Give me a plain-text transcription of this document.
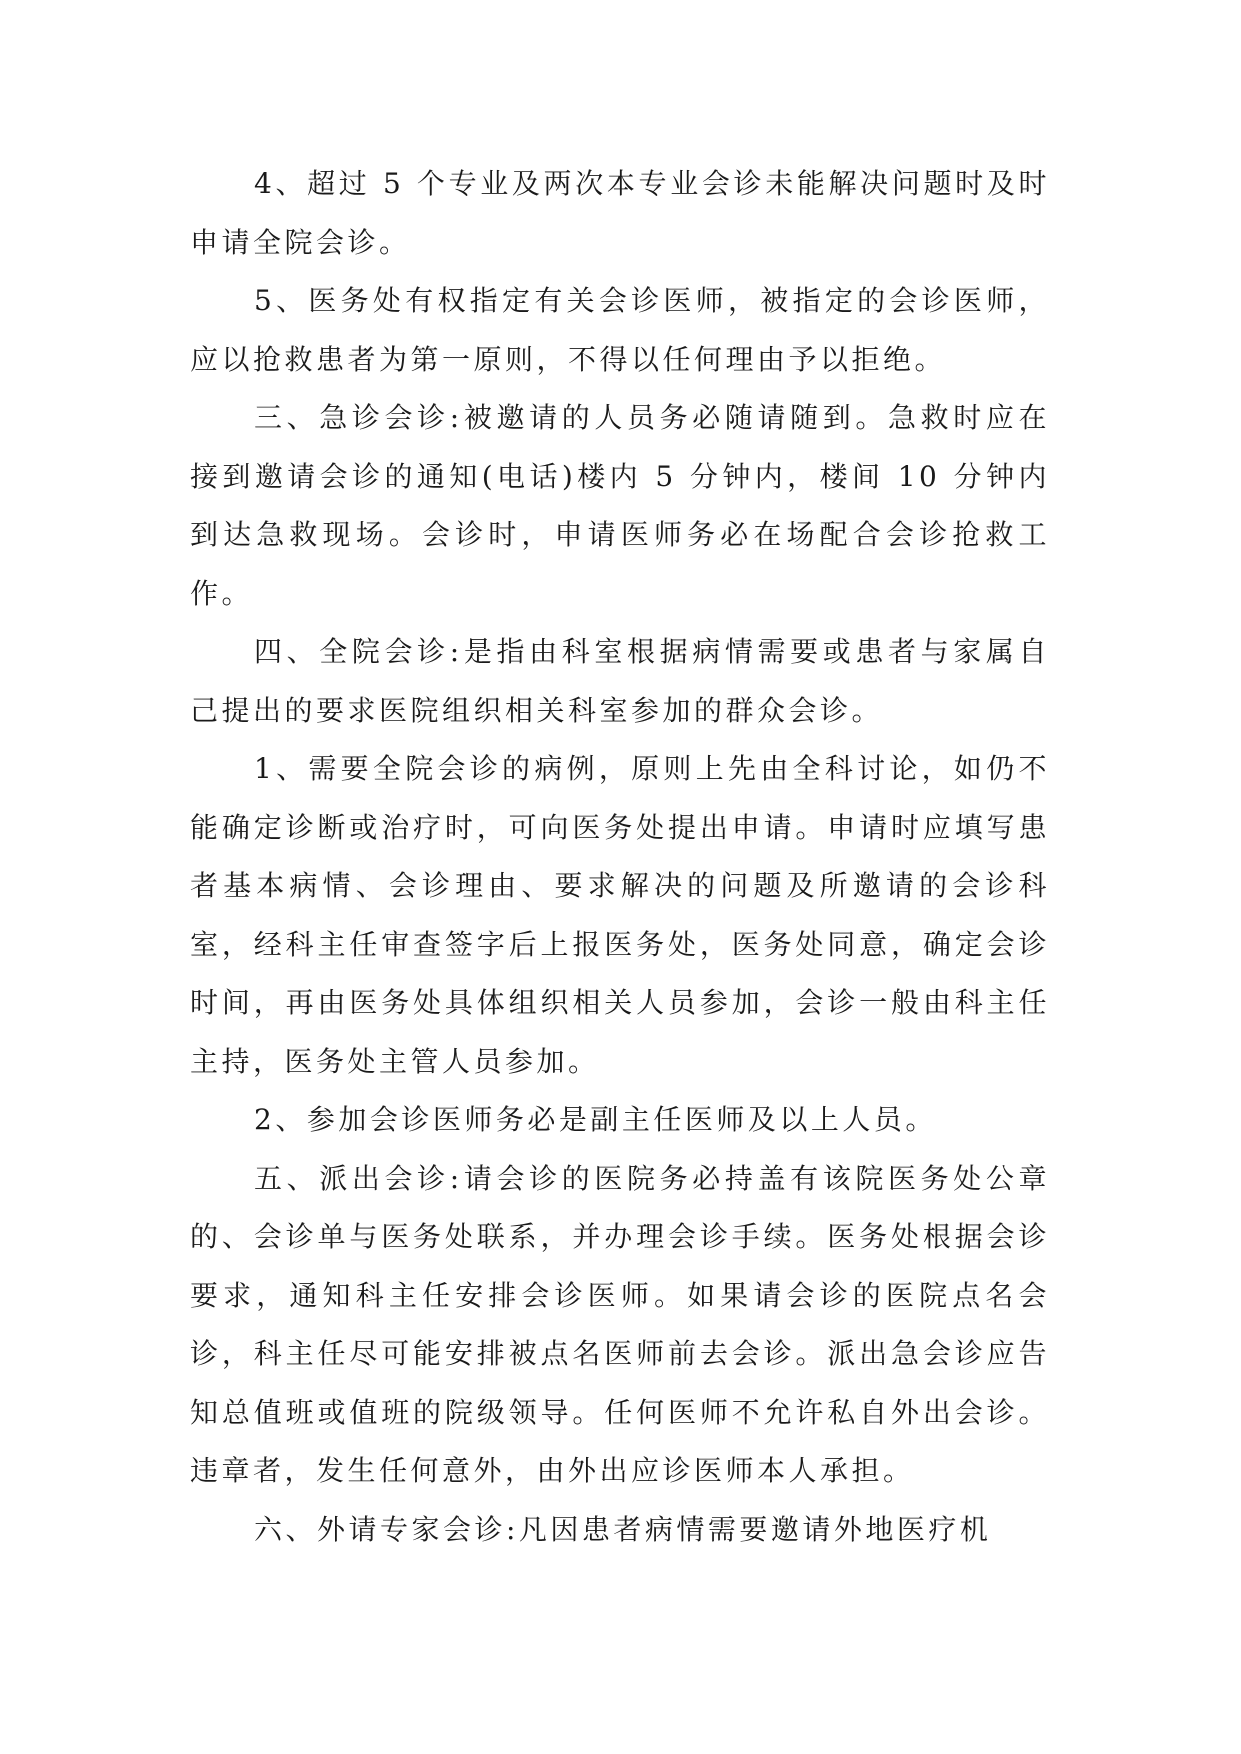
4、超过 5 个专业及两次本专业会诊未能解决问题时及时申请全院会诊。

5、医务处有权指定有关会诊医师，被指定的会诊医师，应以抢救患者为第一原则，不得以任何理由予以拒绝。

三、急诊会诊:被邀请的人员务必随请随到。急救时应在接到邀请会诊的通知(电话)楼内 5 分钟内，楼间 10 分钟内到达急救现场。会诊时，申请医师务必在场配合会诊抢救工作。

四、全院会诊:是指由科室根据病情需要或患者与家属自己提出的要求医院组织相关科室参加的群众会诊。

1、需要全院会诊的病例，原则上先由全科讨论，如仍不能确定诊断或治疗时，可向医务处提出申请。申请时应填写患者基本病情、会诊理由、要求解决的问题及所邀请的会诊科室，经科主任审查签字后上报医务处，医务处同意，确定会诊时间，再由医务处具体组织相关人员参加，会诊一般由科主任主持，医务处主管人员参加。

2、参加会诊医师务必是副主任医师及以上人员。

五、派出会诊:请会诊的医院务必持盖有该院医务处公章的、会诊单与医务处联系，并办理会诊手续。医务处根据会诊要求，通知科主任安排会诊医师。如果请会诊的医院点名会诊，科主任尽可能安排被点名医师前去会诊。派出急会诊应告知总值班或值班的院级领导。任何医师不允许私自外出会诊。违章者，发生任何意外，由外出应诊医师本人承担。

六、外请专家会诊:凡因患者病情需要邀请外地医疗机
